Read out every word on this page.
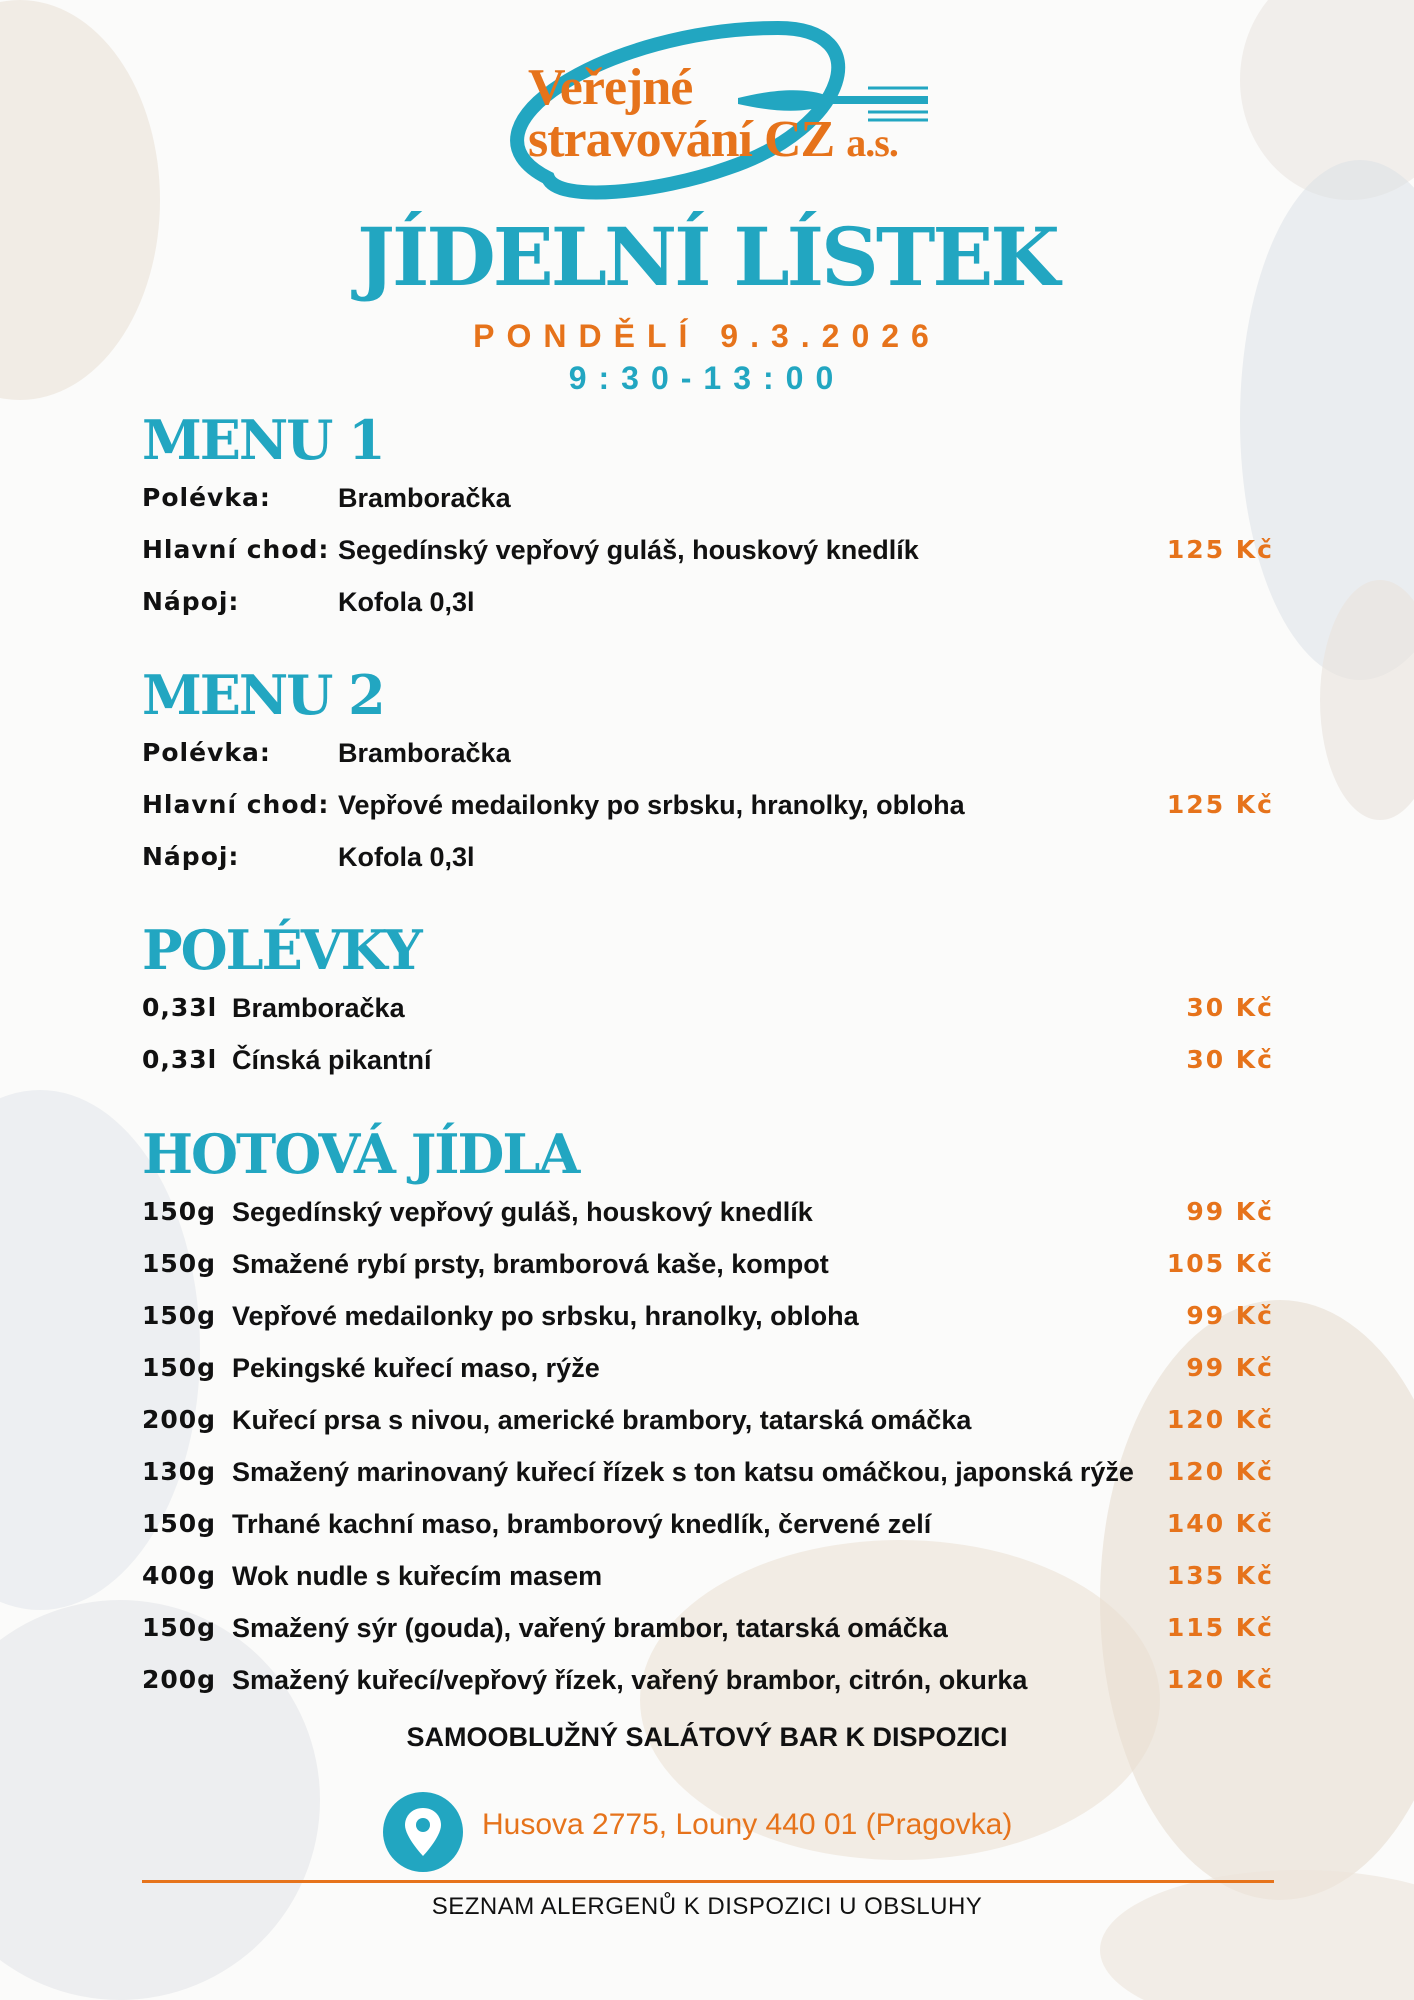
Veřejné
stravování CZ a.s.
JÍDELNÍ LÍSTEK
PONDĚLÍ 9.3.2026
9:30-13:00
MENU 1
Polévka: Bramboračka
Hlavní chod: Segedínský vepřový guláš, houskový knedlík	125 Kč
Nápoj:	Kofola 0,3l
MENU 2
Polévka: Bramboračka
Hlavní chod: Vepřové medailonky po srbsku, hranolky, obloha	125 Kč
Nápoj:	Kofola 0,3l
POLÉVKY
0,33l Bramboračka	30 Kč
0,33l Čínská pikantní	30 Kč
HOTOVÁ JÍDLA
150g Segedínský vepřový guláš, houskový knedlík	99 Kč
150g Smažené rybí prsty, bramborová kaše, kompot	105 Kč
150g Vepřové medailonky po srbsku, hranolky, obloha	99 Kč
150g Pekingské kuřecí maso, rýže	99 Kč
200g Kuřecí prsa s nivou, americké brambory, tatarská omáčka	120 Kč
130g Smažený marinovaný kuřecí řízek s ton katsu omáčkou, japonská rýže 120 Kč
150g Trhané kachní maso, bramborový knedlík, červené zelí	140 Kč
400g Wok nudle s kuřecím masem	135 Kč
150g Smažený sýr (gouda), vařený brambor, tatarská omáčka	115 Kč
200g Smažený kuřecí/vepřový řízek, vařený brambor, citrón, okurka	120 Kč
SAMOOBLUŽNÝ SALÁTOVÝ BAR K DISPOZICI
Husova 2775, Louny 440 01 (Pragovka)
SEZNAM ALERGENŮ K DISPOZICI U OBSLUHY
